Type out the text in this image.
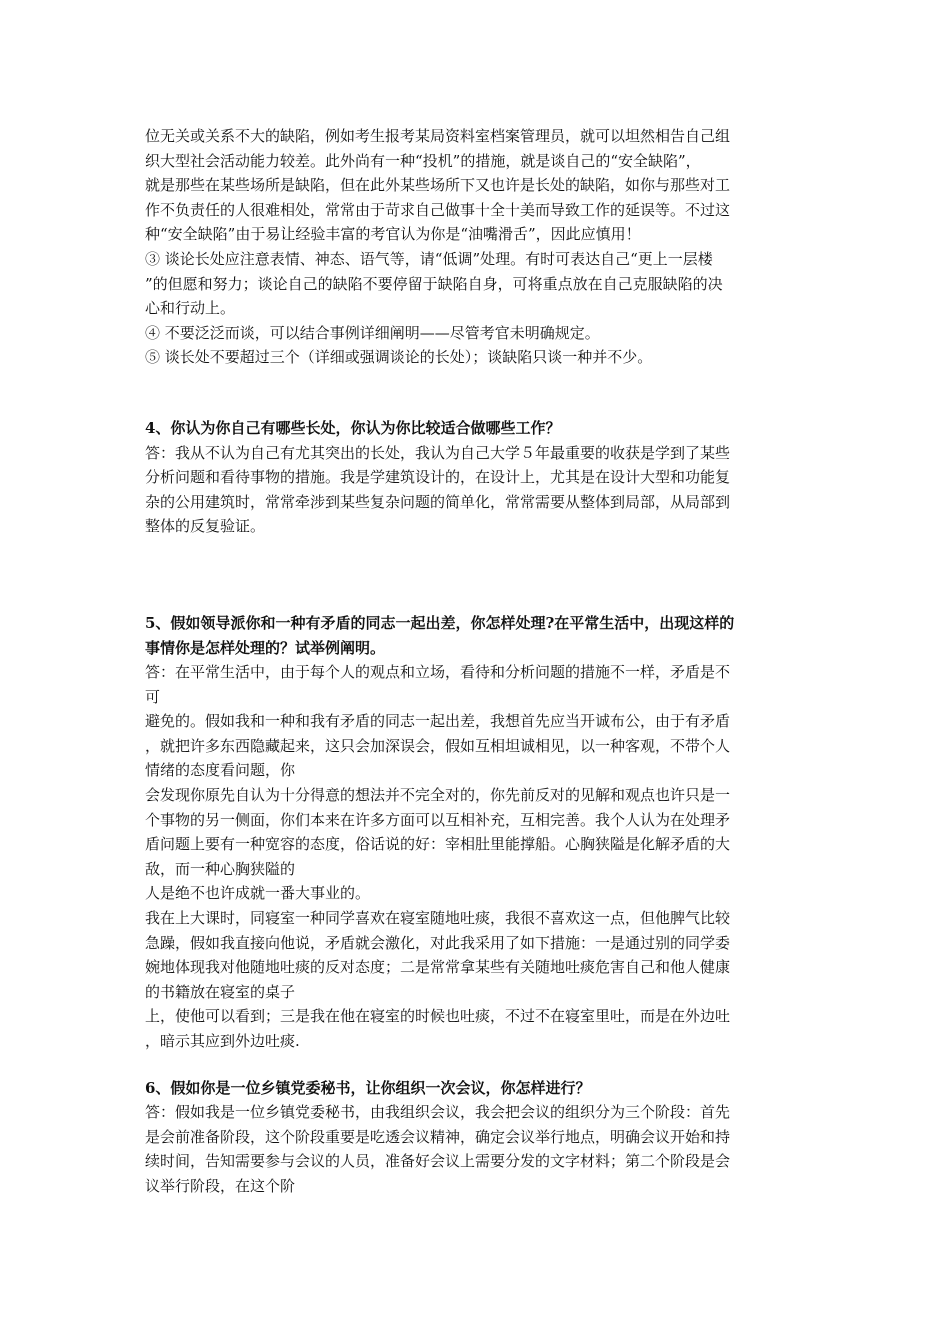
位无关或关系不大的缺陷，例如考生报考某局资料室档案管理员，就可以坦然相告自己组
织大型社会活动能力较差。此外尚有一种“投机”的措施，就是谈自己的“安全缺陷”，
就是那些在某些场所是缺陷，但在此外某些场所下又也许是长处的缺陷，如你与那些对工
作不负责任的人很难相处，常常由于苛求自己做事十全十美而导致工作的延误等。不过这
种“安全缺陷”由于易让经验丰富的考官认为你是“油嘴滑舌”，因此应慎用！
③ 谈论长处应注意表情、神态、语气等，请“低调”处理。有时可表达自己“更上一层楼
”的但愿和努力；谈论自己的缺陷不要停留于缺陷自身，可将重点放在自己克服缺陷的决
心和行动上。
④ 不要泛泛而谈，可以结合事例详细阐明——尽管考官未明确规定。
⑤ 谈长处不要超过三个（详细或强调谈论的长处）；谈缺陷只谈一种并不少。
4、你认为你自己有哪些长处，你认为你比较适合做哪些工作？
答：我从不认为自己有尤其突出的长处，我认为自己大学５年最重要的收获是学到了某些
分析问题和看待事物的措施。我是学建筑设计的，在设计上，尤其是在设计大型和功能复
杂的公用建筑时，常常牵涉到某些复杂问题的简单化，常常需要从整体到局部，从局部到
整体的反复验证。
5、假如领导派你和一种有矛盾的同志一起出差，你怎样处理?在平常生活中，出现这样的
事情你是怎样处理的？试举例阐明。
答：在平常生活中，由于每个人的观点和立场，看待和分析问题的措施不一样，矛盾是不
可
避免的。假如我和一种和我有矛盾的同志一起出差，我想首先应当开诚布公，由于有矛盾
，就把许多东西隐藏起来，这只会加深误会，假如互相坦诚相见，以一种客观，不带个人
情绪的态度看问题，你
会发现你原先自认为十分得意的想法并不完全对的，你先前反对的见解和观点也许只是一
个事物的另一侧面，你们本来在许多方面可以互相补充，互相完善。我个人认为在处理矛
盾问题上要有一种宽容的态度，俗话说的好：宰相肚里能撑船。心胸狭隘是化解矛盾的大
敌，而一种心胸狭隘的
人是绝不也许成就一番大事业的。
我在上大课时，同寝室一种同学喜欢在寝室随地吐痰，我很不喜欢这一点，但他脾气比较
急躁，假如我直接向他说，矛盾就会激化，对此我采用了如下措施：一是通过别的同学委
婉地体现我对他随地吐痰的反对态度；二是常常拿某些有关随地吐痰危害自己和他人健康
的书籍放在寝室的桌子
上，使他可以看到；三是我在他在寝室的时候也吐痰，不过不在寝室里吐，而是在外边吐
，暗示其应到外边吐痰.
6、假如你是一位乡镇党委秘书，让你组织一次会议，你怎样进行？
答：假如我是一位乡镇党委秘书，由我组织会议，我会把会议的组织分为三个阶段：首先
是会前准备阶段，这个阶段重要是吃透会议精神，确定会议举行地点，明确会议开始和持
续时间，告知需要参与会议的人员，准备好会议上需要分发的文字材料；第二个阶段是会
议举行阶段，在这个阶
